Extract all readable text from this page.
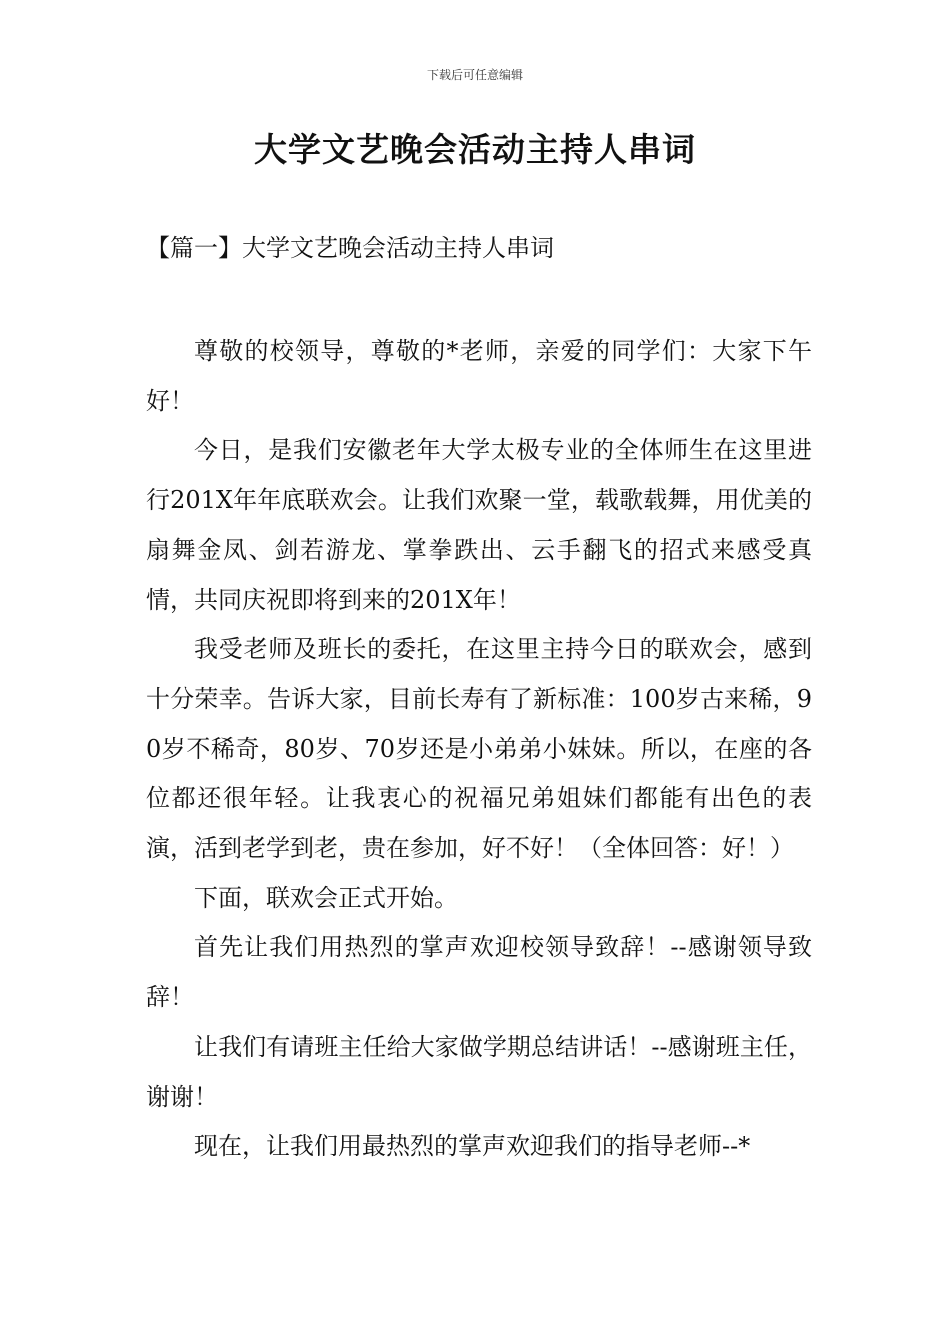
下载后可任意编辑
大学文艺晚会活动主持人串词
【篇一】大学文艺晚会活动主持人串词

尊敬的校领导，尊敬的*老师，亲爱的同学们：大家下午好！

今日，是我们安徽老年大学太极专业的全体师生在这里进行201X年年底联欢会。让我们欢聚一堂，载歌载舞，用优美的扇舞金凤、剑若游龙、掌拳跌出、云手翻飞的招式来感受真情，共同庆祝即将到来的201X年！

我受老师及班长的委托，在这里主持今日的联欢会，感到十分荣幸。告诉大家，目前长寿有了新标准：100岁古来稀，90岁不稀奇，80岁、70岁还是小弟弟小妹妹。所以，在座的各位都还很年轻。让我衷心的祝福兄弟姐妹们都能有出色的表演，活到老学到老，贵在参加，好不好！（全体回答：好！）

下面，联欢会正式开始。

首先让我们用热烈的掌声欢迎校领导致辞！--感谢领导致辞！

让我们有请班主任给大家做学期总结讲话！--感谢班主任，谢谢！

现在，让我们用最热烈的掌声欢迎我们的指导老师--*
